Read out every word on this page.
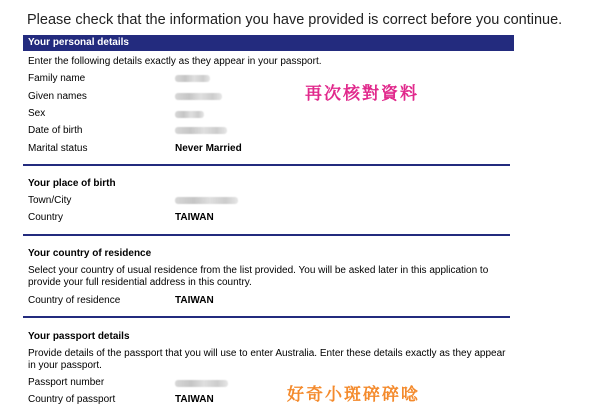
Please check that the information you have provided is correct before you continue.
Your personal details
Enter the following details exactly as they appear in your passport.
Family name
Given names
Sex
Date of birth
Marital status	Never Married
再次核對資料
Your place of birth
Town/City
Country	TAIWAN
Your country of residence
Select your country of usual residence from the list provided. You will be asked later in this application to provide your full residential address in this country.
Country of residence	TAIWAN
Your passport details
Provide details of the passport that you will use to enter Australia. Enter these details exactly as they appear in your passport.
Passport number
Country of passport	TAIWAN	好奇小斑碎碎唸
